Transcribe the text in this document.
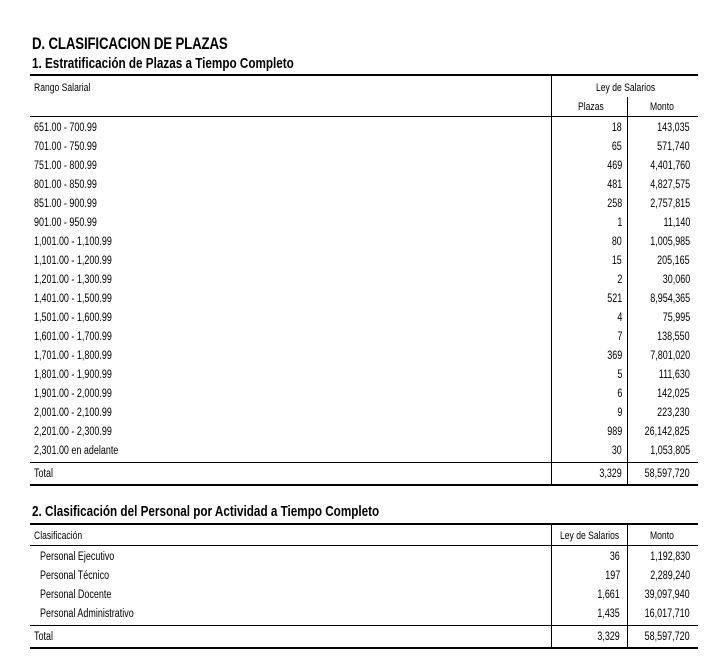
D. CLASIFICACION DE PLAZAS
1. Estratificación de Plazas a Tiempo Completo
Rango Salarial	Ley de Salarios
Plazas	Monto
651.00 - 700.99	18	143,035
701.00 - 750.99	65	571,740
751.00 - 800.99	469	4,401,760
801.00 - 850.99	481	4,827,575
851.00 - 900.99	258	2,757,815
901.00 - 950.99	1	11,140
1,001.00 - 1,100.99	80	1,005,985
1,101.00 - 1,200.99	15	205,165
1,201.00 - 1,300.99	2	30,060
1,401.00 - 1,500.99	521	8,954,365
1,501.00 - 1,600.99	4	75,995
1,601.00 - 1,700.99	7	138,550
1,701.00 - 1,800.99	369	7,801,020
1,801.00 - 1,900.99	5	111,630
1,901.00 - 2,000.99	6	142,025
2,001.00 - 2,100.99	9	223,230
2,201.00 - 2,300.99	989	26,142,825
2,301.00 en adelante	30	1,053,805
Total	3,329	58,597,720
2. Clasificación del Personal por Actividad a Tiempo Completo
Clasificación	Ley de Salarios	Monto
Personal Ejecutivo	36	1,192,830
Personal Técnico	197	2,289,240
Personal Docente	1,661	39,097,940
Personal Administrativo	1,435	16,017,710
Total	3,329	58,597,720
